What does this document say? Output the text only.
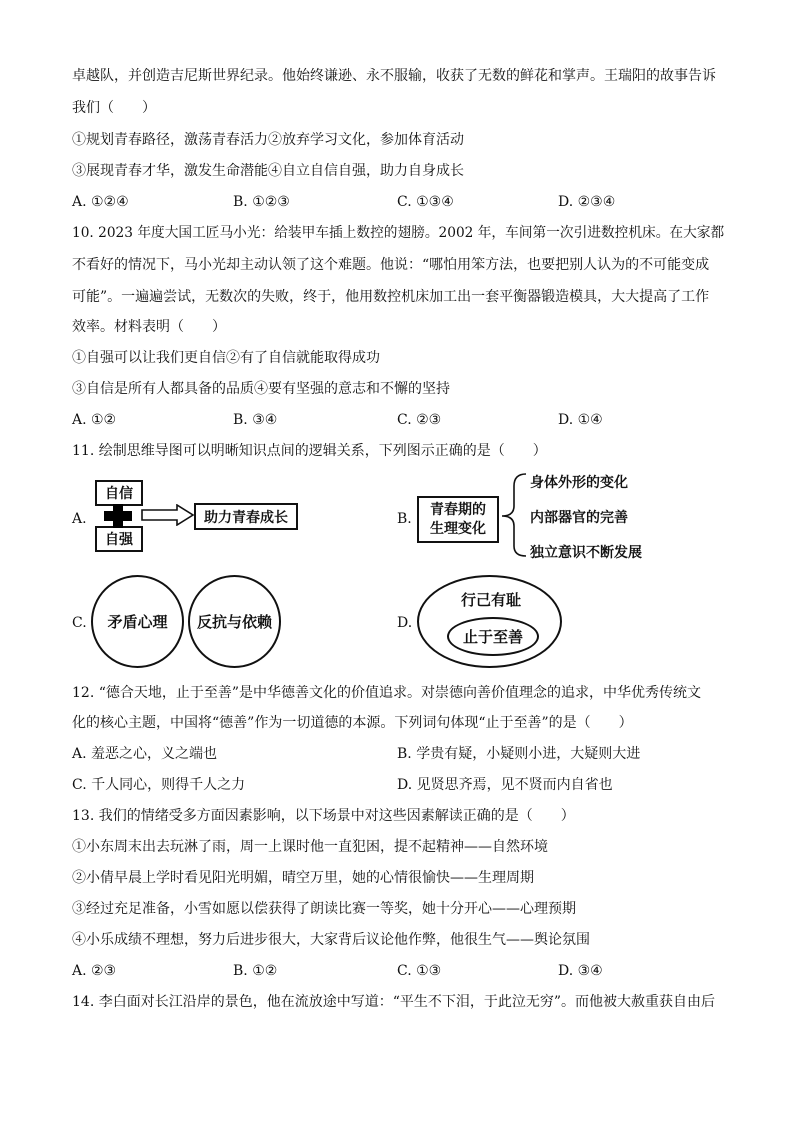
卓越队，并创造吉尼斯世界纪录。他始终谦逊、永不服输，收获了无数的鲜花和掌声。王瑞阳的故事告诉
我们（　　）
①规划青春路径，激荡青春活力②放弃学习文化，参加体育活动
③展现青春才华，激发生命潜能④自立自信自强，助力自身成长
A. ①②④	B. ①②③	C. ①③④	D. ②③④
10. 2023 年度大国工匠马小光：给装甲车插上数控的翅膀。2002 年，车间第一次引进数控机床。在大家都
不看好的情况下，马小光却主动认领了这个难题。他说：“哪怕用笨方法，也要把别人认为的不可能变成
可能”。一遍遍尝试，无数次的失败，终于，他用数控机床加工出一套平衡器锻造模具，大大提高了工作
效率。材料表明（　　）
①自强可以让我们更自信②有了自信就能取得成功
③自信是所有人都具备的品质④要有坚强的意志和不懈的坚持
A. ①②	B. ③④	C. ②③	D. ①④
11. 绘制思维导图可以明晰知识点间的逻辑关系，下列图示正确的是（　　）
A.
自信
自强
助力青春成长	B.
青春期的
生理变化
身体外形的变化
内部器官的完善
独立意识不断发展
C.	矛盾心理	反抗与依赖	D.
行己有耻
止于至善
12. “德合天地，止于至善”是中华德善文化的价值追求。对崇德向善价值理念的追求，中华优秀传统文
化的核心主题，中国将“德善”作为一切道德的本源。下列词句体现“止于至善”的是（　　）
A. 羞恶之心，义之端也	B. 学贵有疑，小疑则小进，大疑则大进
C. 千人同心，则得千人之力	D. 见贤思齐焉，见不贤而内自省也
13. 我们的情绪受多方面因素影响，以下场景中对这些因素解读正确的是（　　）
①小东周末出去玩淋了雨，周一上课时他一直犯困，提不起精神——自然环境
②小倩早晨上学时看见阳光明媚，晴空万里，她的心情很愉快——生理周期
③经过充足准备，小雪如愿以偿获得了朗读比赛一等奖，她十分开心——心理预期
④小乐成绩不理想，努力后进步很大，大家背后议论他作弊，他很生气——舆论氛围
A. ②③	B. ①②	C. ①③	D. ③④
14. 李白面对长江沿岸的景色，他在流放途中写道：“平生不下泪，于此泣无穷”。而他被大赦重获自由后
